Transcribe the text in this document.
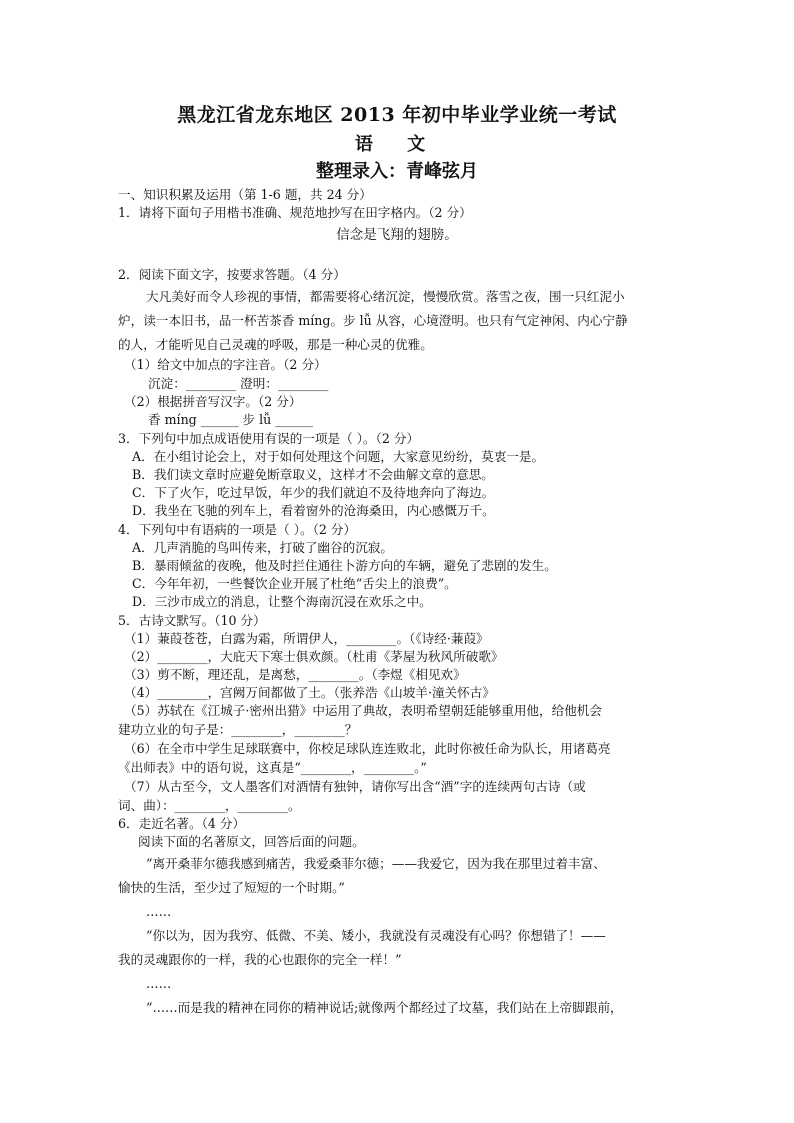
黑龙江省龙东地区 2013 年初中毕业学业统一考试
语 文
整理录入：青峰弦月
一、知识积累及运用（第 1-6 题，共 24 分）
1．请将下面句子用楷书准确、规范地抄写在田字格内。（2 分）
信念是飞翔的翅膀。
2．阅读下面文字，按要求答题。（4 分）
大凡美好而令人珍视的事情，都需要将心绪沉淀，慢慢欣赏。落雪之夜，围一只红泥小
炉，读一本旧书，品一杯苦茶香 míng。步 lǚ 从容，心境澄明。也只有气定神闲、内心宁静
的人，才能听见自己灵魂的呼吸，那是一种心灵的优雅。
（1）给文中加点的字注音。（2 分）
沉淀：________ 澄明：________
（2）根据拼音写汉字。（2 分）
香 míng ______ 步 lǚ ______
3．下列句中加点成语使用有误的一项是（ ）。（2 分）
A．在小组讨论会上，对于如何处理这个问题，大家意见纷纷，莫衷一是。
B．我们读文章时应避免断章取义，这样才不会曲解文章的意思。
C．下了火乍，吃过早饭，年少的我们就迫不及待地奔向了海边。
D．我坐在飞驰的列车上，看着窗外的沧海桑田，内心感慨万千。
4．下列句中有语病的一项是（ ）。（2 分）
A．几声消脆的鸟叫传来，打破了幽谷的沉寂。
B．暴雨倾盆的夜晚，他及时拦住通往卜游方向的车辆，避免了悲剧的发生。
C．今年年初，一些餐饮企业开展了杜绝“舌尖上的浪费”。
D．三沙市成立的消息，让整个海南沉浸在欢乐之中。
5．古诗文默写。（10 分）
（1）蒹葭苍苍，白露为霜，所谓伊人，________。（《诗经·蒹葭》
（2）________，大庇天下寒士俱欢颜。（杜甫《茅屋为秋风所破歌》
（3）剪不断，理还乱，是离愁，________。（李煜《相见欢》
（4）________，宫阙万间都做了土。（张养浩《山坡羊·潼关怀古》
（5）苏轼在《江城子·密州出猎》中运用了典故，表明希望朝廷能够重用他，给他机会
建功立业的句子是：________，________？
（6）在全市中学生足球联赛中，你校足球队连连败北，此时你被任命为队长，用诸葛亮
《出师表》中的语句说，这真是“________，________。”
（7）从古至今，文人墨客们对酒情有独钟，请你写出含“酒”字的连续两句古诗（或
词、曲）：________，________。
6．走近名著。（4 分）
阅读下面的名著原文，回答后面的问题。
“离开桑菲尔德我感到痛苦，我爱桑菲尔德；——我爱它，因为我在那里过着丰富、
愉快的生活，至少过了短短的一个时期。”
……
“你以为，因为我穷、低微、不美、矮小，我就没有灵魂没有心吗？你想错了！——
我的灵魂跟你的一样，我的心也跟你的完全一样！”
……
“……而是我的精神在同你的精神说话;就像两个都经过了坟墓，我们站在上帝脚跟前，
